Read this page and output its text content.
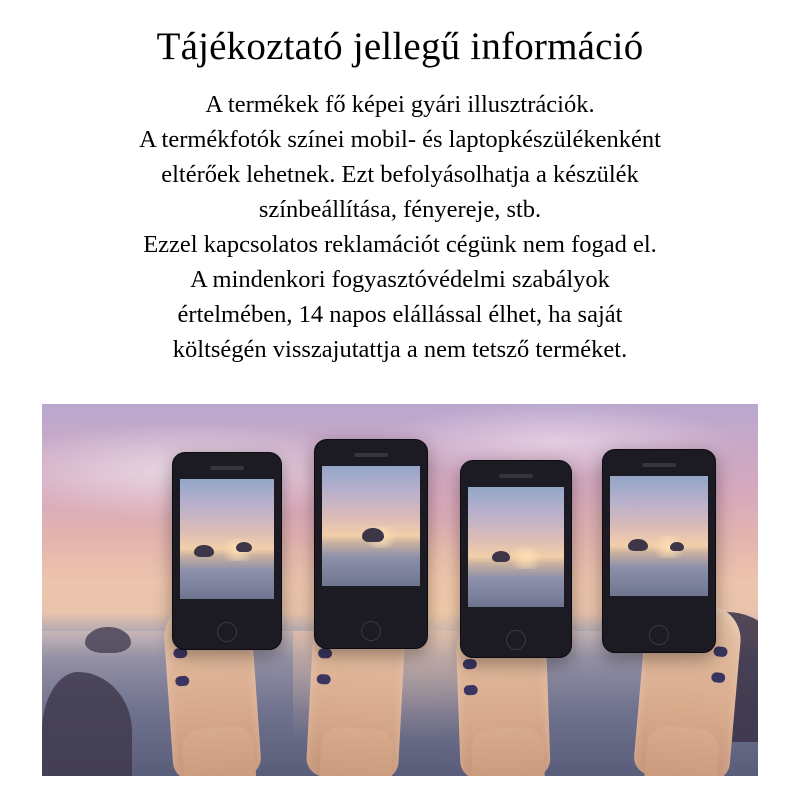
Tájékoztató jellegű információ
A termékek fő képei gyári illusztrációk.
A termékfotók színei mobil- és laptopkészülékenként
eltérőek lehetnek. Ezt befolyásolhatja a készülék
színbeállítása, fényereje, stb.
Ezzel kapcsolatos reklamációt cégünk nem fogad el.
A mindenkori fogyasztóvédelmi szabályok
értelmében, 14 napos elállással élhet, ha saját
költségén visszajutattja a nem tetsző terméket.
